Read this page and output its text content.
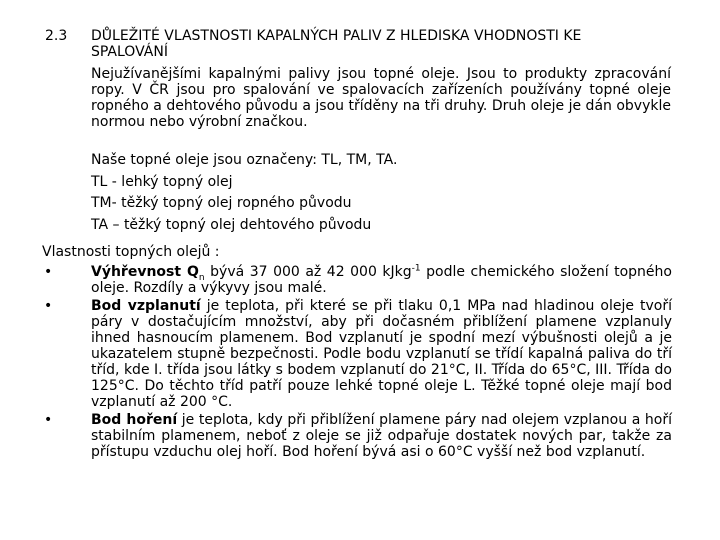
2.3 DŮLEŽITÉ VLASTNOSTI KAPALNÝCH PALIV Z HLEDISKA VHODNOSTI KE SPALOVÁNÍ
Nejužívanějšími kapalnými palivy jsou topné oleje. Jsou to produkty zpracování ropy. V ČR jsou pro spalování ve spalovacích zařízeních používány topné oleje ropného a dehtového původu a jsou tříděny na tři druhy. Druh oleje je dán obvykle normou nebo výrobní značkou.
Naše topné oleje jsou označeny: TL, TM, TA.
TL - lehký topný olej
TM- těžký topný olej ropného původu
TA – těžký topný olej dehtového původu
Vlastnosti topných olejů :
•	Výhřevnost $Q_n$ bývá 37 000 až 42 000 kJkg$^{-1}$ podle chemického složení topného oleje. Rozdíly a výkyvy jsou malé.
•	Bod vzplanutí je teplota, při které se při tlaku 0,1 MPa nad hladinou oleje tvoří páry v dostačujícím množství, aby při dočasném přiblížení plamene vzplanuly ihned hasnoucím plamenem. Bod vzplanutí je spodní mezí výbušnosti olejů a je ukazatelem stupně bezpečnosti. Podle bodu vzplanutí se třídí kapalná paliva do tří tříd, kde I. třída jsou látky s bodem vzplanutí do 21°C, II. Třída do 65°C, III. Třída do 125°C. Do těchto tříd patří pouze lehké topné oleje L. Těžké topné oleje mají bod vzplanutí až 200 °C.
•	Bod hoření je teplota, kdy při přiblížení plamene páry nad olejem vzplanou a hoří stabilním plamenem, neboť z oleje se již odpařuje dostatek nových par, takže za přístupu vzduchu olej hoří. Bod hoření bývá asi o 60°C vyšší než bod vzplanutí.
